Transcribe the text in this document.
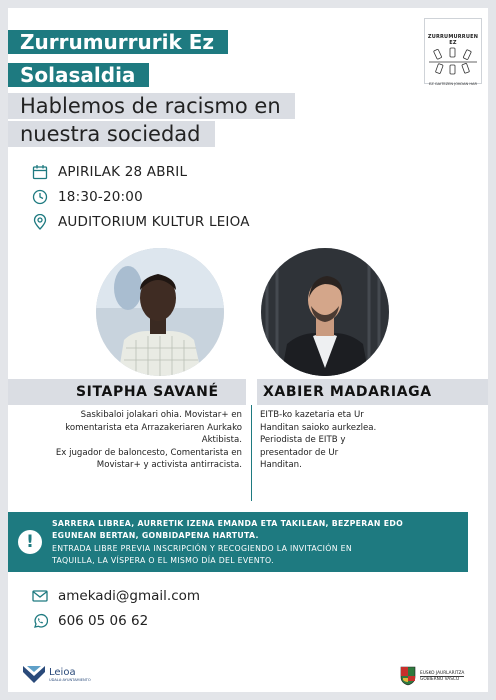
Zurrumurrurik Ez
Solasaldia
Hablemos de racismo en
nuestra sociedad
ZURRUMURRUEN EZ
EZ GAITEZEN JOKOAN HAR
APIRILAK 28 ABRIL
18:30-20:00
AUDITORIUM KULTUR LEIOA
SITAPHA SAVANÉ	XABIER MADARIAGA

Saskibaloi jolakari ohia. Movistar+ en

komentarista eta Arrazakeriaren Aurkako

Aktibista.

Ex jugador de baloncesto, Comentarista en

Movistar+ y activista antirracista.

EITB-ko kazetaria eta Ur

Handitan saioko aurkezlea.

Periodista de EITB y

presentador de Ur

Handitan.

!
SARRERA LIBREA, AURRETIK IZENA EMANDA ETA TAKILEAN, BEZPERAN EDO
EGUNEAN BERTAN, GONBIDAPENA HARTUTA.
ENTRADA LIBRE PREVIA INSCRIPCIÓN Y RECOGIENDO LA INVITACIÓN EN
TAQUILLA, LA VÍSPERA O EL MISMO DÍA DEL EVENTO.
amekadi@gmail.com
606 05 06 62
Leioa
UDALA·AYUNTAMIENTO
EUSKO JAURLARITZA
GOBIERNO VASCO
